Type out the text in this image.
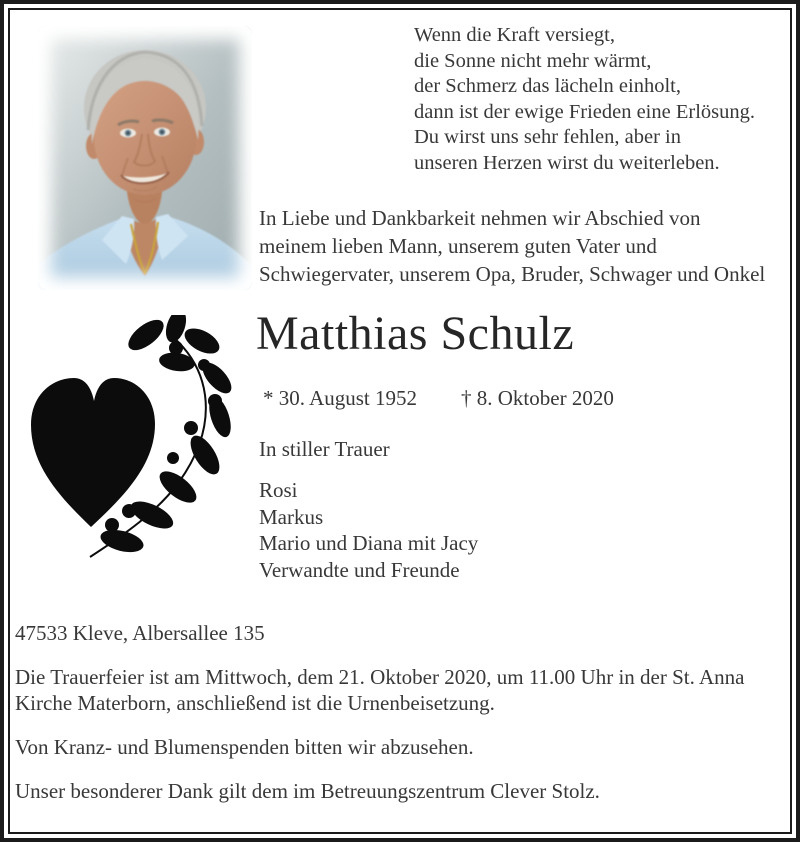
Wenn die Kraft versiegt,
die Sonne nicht mehr wärmt,
der Schmerz das lächeln einholt,
dann ist der ewige Frieden eine Erlösung.
Du wirst uns sehr fehlen, aber in
unseren Herzen wirst du weiterleben.
In Liebe und Dankbarkeit nehmen wir Abschied von
meinem lieben Mann, unserem guten Vater und
Schwiegervater, unserem Opa, Bruder, Schwager und Onkel
Matthias Schulz
* 30. August 1952 † 8. Oktober 2020
In stiller Trauer
Rosi
Markus
Mario und Diana mit Jacy
Verwandte und Freunde
47533 Kleve, Albersallee 135
Die Trauerfeier ist am Mittwoch, dem 21. Oktober 2020, um 11.00 Uhr in der St. Anna
Kirche Materborn, anschließend ist die Urnenbeisetzung.
Von Kranz- und Blumenspenden bitten wir abzusehen.
Unser besonderer Dank gilt dem im Betreuungszentrum Clever Stolz.
